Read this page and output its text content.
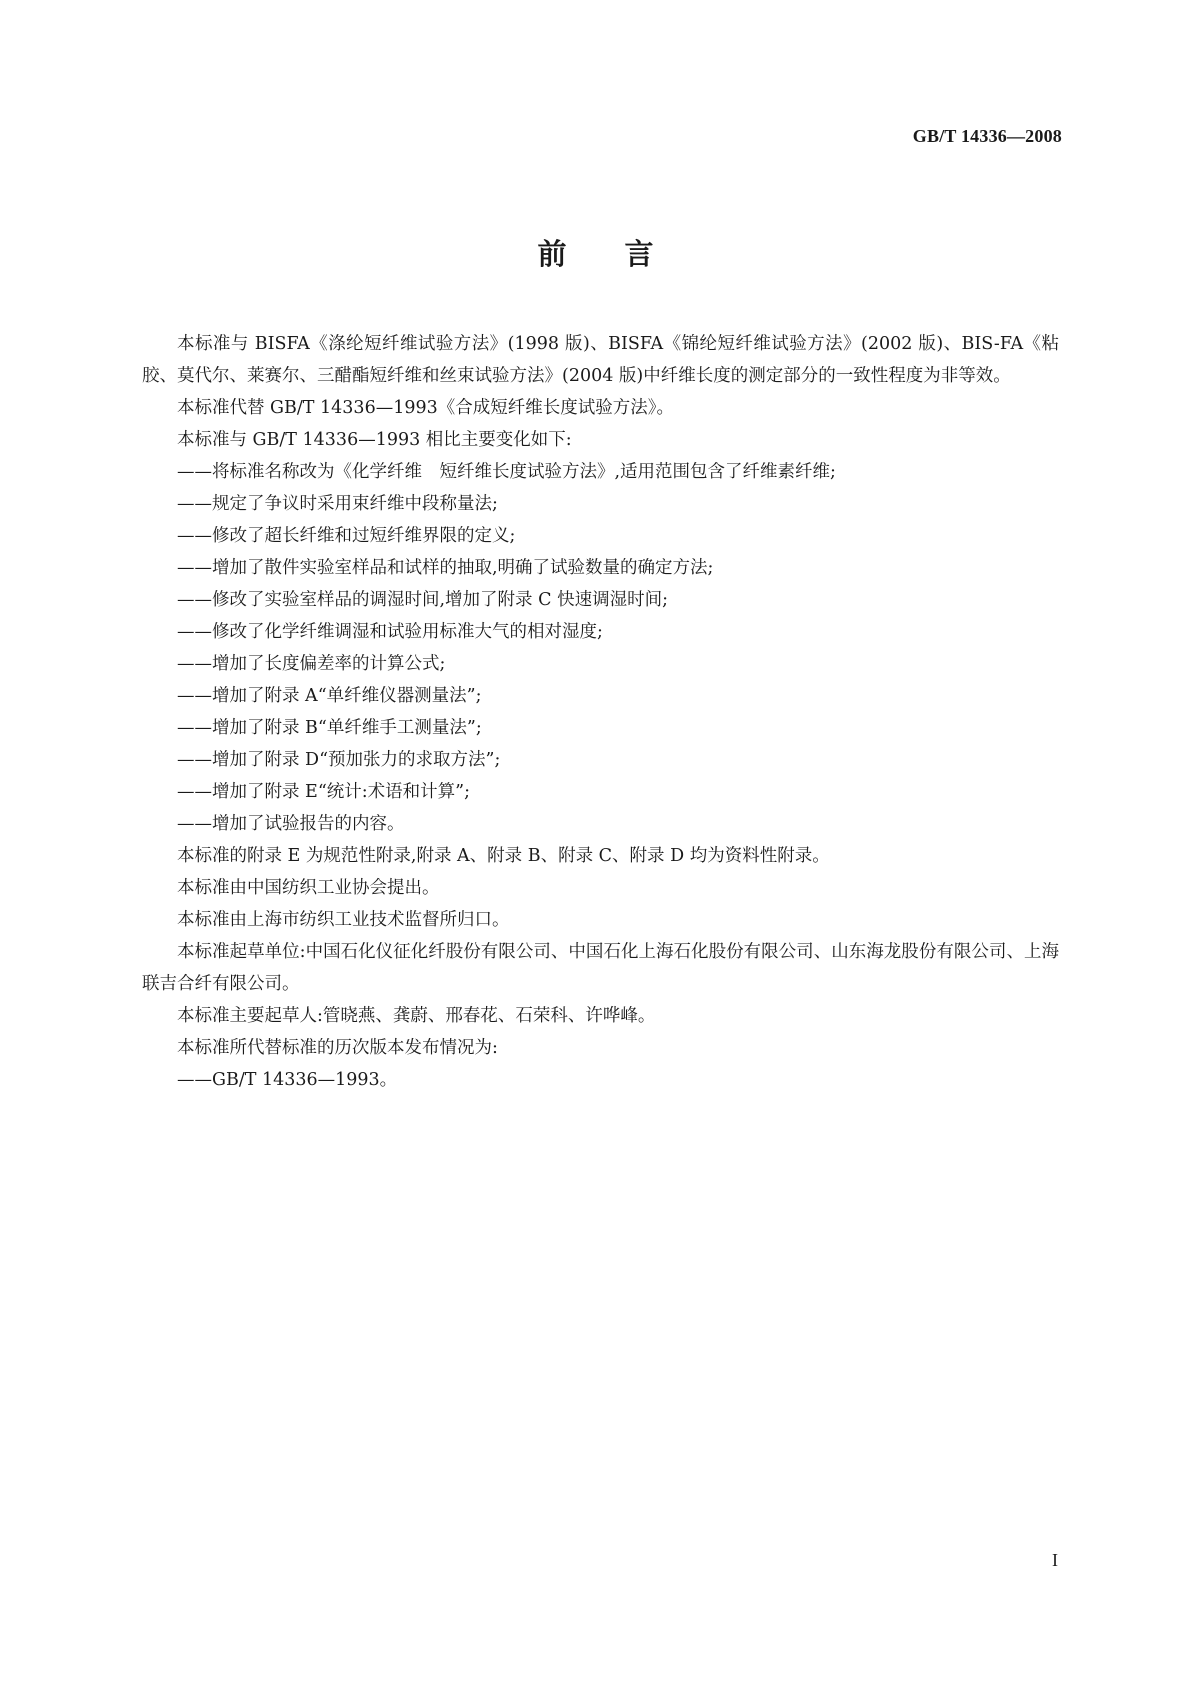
GB/T 14336—2008
前言

本标准与 BISFA《涤纶短纤维试验方法》(1998 版)、BISFA《锦纶短纤维试验方法》(2002 版)、BIS-FA《粘胶、莫代尔、莱赛尔、三醋酯短纤维和丝束试验方法》(2004 版)中纤维长度的测定部分的一致性程度为非等效。

本标准代替 GB/T 14336—1993《合成短纤维长度试验方法》。

本标准与 GB/T 14336—1993 相比主要变化如下:

——将标准名称改为《化学纤维　短纤维长度试验方法》,适用范围包含了纤维素纤维;

——规定了争议时采用束纤维中段称量法;

——修改了超长纤维和过短纤维界限的定义;

——增加了散件实验室样品和试样的抽取,明确了试验数量的确定方法;

——修改了实验室样品的调湿时间,增加了附录 C 快速调湿时间;

——修改了化学纤维调湿和试验用标准大气的相对湿度;

——增加了长度偏差率的计算公式;

——增加了附录 A“单纤维仪器测量法”;

——增加了附录 B“单纤维手工测量法”;

——增加了附录 D“预加张力的求取方法”;

——增加了附录 E“统计:术语和计算”;

——增加了试验报告的内容。

本标准的附录 E 为规范性附录,附录 A、附录 B、附录 C、附录 D 均为资料性附录。

本标准由中国纺织工业协会提出。

本标准由上海市纺织工业技术监督所归口。

本标准起草单位:中国石化仪征化纤股份有限公司、中国石化上海石化股份有限公司、山东海龙股份有限公司、上海联吉合纤有限公司。

本标准主要起草人:管晓燕、龚蔚、邢春花、石荣科、许哗峰。

本标准所代替标准的历次版本发布情况为:

——GB/T 14336—1993。

I
